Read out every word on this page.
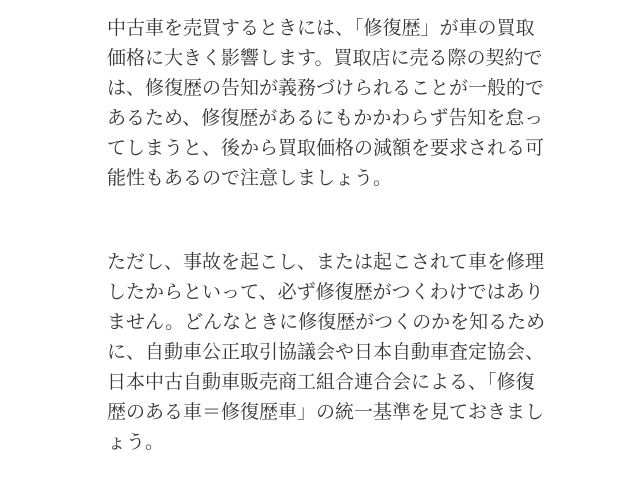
中古車を売買するときには、「修復歴」が車の買取
価格に大きく影響します。買取店に売る際の契約で
は、修復歴の告知が義務づけられることが一般的で
あるため、修復歴があるにもかかわらず告知を怠っ
てしまうと、後から買取価格の減額を要求される可
能性もあるので注意しましょう。
ただし、事故を起こし、または起こされて車を修理
したからといって、必ず修復歴がつくわけではあり
ません。どんなときに修復歴がつくのかを知るため
に、自動車公正取引協議会や日本自動車査定協会、
日本中古自動車販売商工組合連合会による、「修復
歴のある車＝修復歴車」の統一基準を見ておきまし
ょう。
